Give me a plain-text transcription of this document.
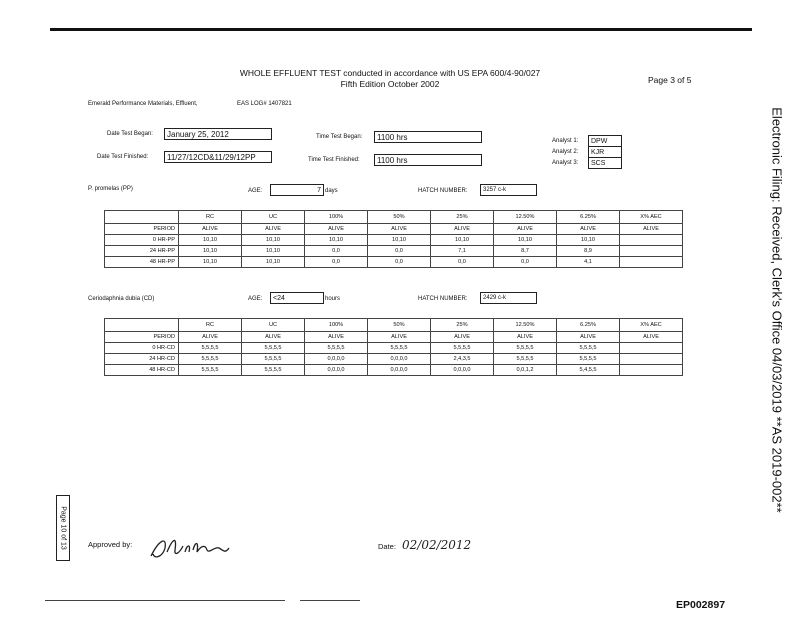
WHOLE EFFLUENT TEST conducted in accordance with US EPA 600/4-90/027
Fifth Edition October 2002	Page 3 of 5
Emerald Performance Materials, Effluent,	EAS LOG# 1407821
Date Test Began:	January 25, 2012
Date Test Finished:	11/27/12CD&11/29/12PP
Time Test Began:	1100 hrs
Time Test Finished:	1100 hrs
Analyst 1:	DPW
Analyst 2:	KJR
Analyst 3:	SCS
P. promelas (PP)	AGE:	7 days	HATCH NUMBER:	3257 c-k
	RC	UC	100%	50%	25%	12.50%	6.25%	X% AEC
PERIOD	ALIVE	ALIVE	ALIVE	ALIVE	ALIVE	ALIVE	ALIVE	ALIVE
0 HR-PP	10,10	10,10	10,10	10,10	10,10	10,10	10,10	
24 HR-PP	10,10	10,10	0,0	0,0	7,1	8,7	8,9	
48 HR-PP	10,10	10,10	0,0	0,0	0,0	0,0	4,1	
Ceriodaphnia dubia (CD)	AGE:	<24	hours	HATCH NUMBER:	2429 c-k
	RC	UC	100%	50%	25%	12.50%	6.25%	X% AEC
PERIOD	ALIVE	ALIVE	ALIVE	ALIVE	ALIVE	ALIVE	ALIVE	ALIVE
0 HR-CD	5,5,5,5	5,5,5,5	5,5,5,5	5,5,5,5	5,5,5,5	5,5,5,5	5,5,5,5	
24 HR-CD	5,5,5,5	5,5,5,5	0,0,0,0	0,0,0,0	2,4,3,5	5,5,5,5	5,5,5,5	
48 HR-CD	5,5,5,5	5,5,5,5	0,0,0,0	0,0,0,0	0,0,0,0	0,0,1,2	5,4,5,5	
Page 10 of 13	Approved by:	Date: 02/02/2012
EP002897
Electronic Filing: Received, Clerk's Office 04/03/2019 **AS 2019-002**
